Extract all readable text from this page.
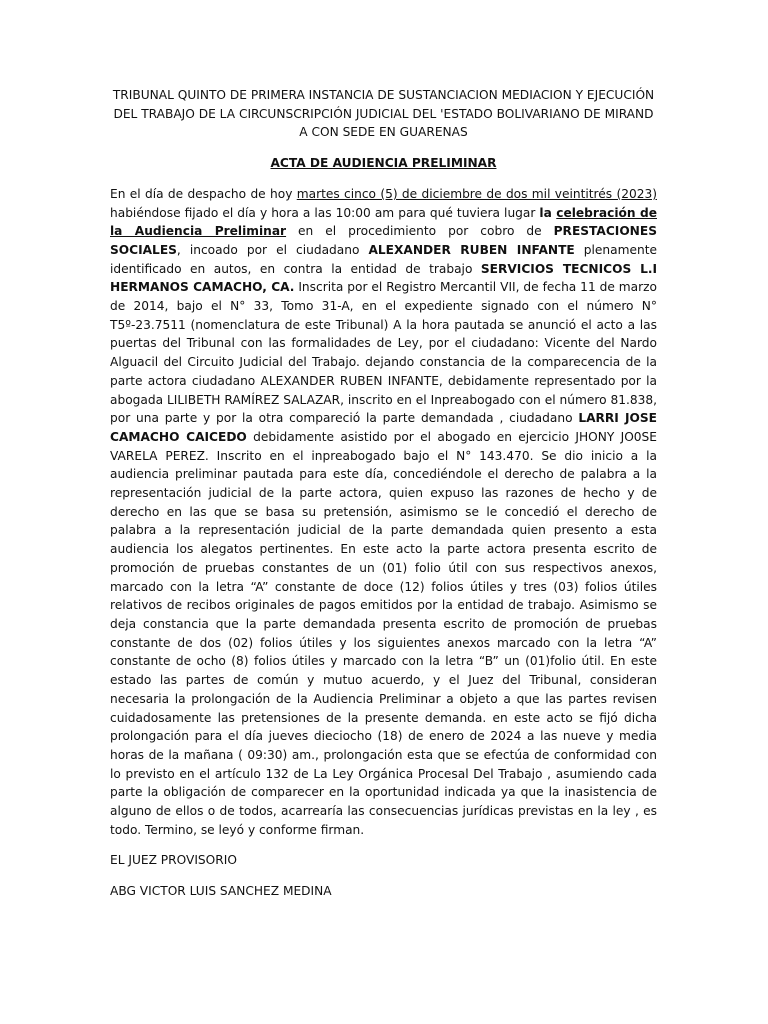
TRIBUNAL QUINTO DE PRIMERA INSTANCIA DE SUSTANCIACION MEDIACION Y EJECUCIÓN DEL TRABAJO DE LA CIRCUNSCRIPCIÓN JUDICIAL DEL 'ESTADO BOLIVARIANO DE MIRAND A CON SEDE EN GUARENAS

ACTA DE AUDIENCIA PRELIMINAR

En el día de despacho de hoy martes cinco (5) de diciembre de dos mil veintitrés (2023) habiéndose fijado el día y hora a las 10:00 am para qué tuviera lugar la celebración de la Audiencia Preliminar en el procedimiento por cobro de PRESTACIONES SOCIALES, incoado por el ciudadano ALEXANDER RUBEN INFANTE plenamente identificado en autos, en contra la entidad de trabajo SERVICIOS TECNICOS L.I HERMANOS CAMACHO, CA. Inscrita por el Registro Mercantil VII, de fecha 11 de marzo de 2014, bajo el N° 33, Tomo 31-A, en el expediente signado con el número N° T5º-23.7511 (nomenclatura de este Tribunal) A la hora pautada se anunció el acto a las puertas del Tribunal con las formalidades de Ley, por el ciudadano: Vicente del Nardo Alguacil del Circuito Judicial del Trabajo. dejando constancia de la comparecencia de la parte actora ciudadano ALEXANDER RUBEN INFANTE, debidamente representado por la abogada LILIBETH RAMÍREZ SALAZAR, inscrito en el Inpreabogado con el número 81.838, por una parte y por la otra compareció la parte demandada , ciudadano LARRI JOSE CAMACHO CAICEDO debidamente asistido por el abogado en ejercicio JHONY JO0SE VARELA PEREZ. Inscrito en el inpreabogado bajo el N° 143.470. Se dio inicio a la audiencia preliminar pautada para este día, concediéndole el derecho de palabra a la representación judicial de la parte actora, quien expuso las razones de hecho y de derecho en las que se basa su pretensión, asimismo se le concedió el derecho de palabra a la representación judicial de la parte demandada quien presento a esta audiencia los alegatos pertinentes. En este acto la parte actora presenta escrito de promoción de pruebas constantes de un (01) folio útil con sus respectivos anexos, marcado con la letra “A” constante de doce (12) folios útiles y tres (03) folios útiles relativos de recibos originales de pagos emitidos por la entidad de trabajo. Asimismo se deja constancia que la parte demandada presenta escrito de promoción de pruebas constante de dos (02) folios útiles y los siguientes anexos marcado con la letra “A” constante de ocho (8) folios útiles y marcado con la letra “B” un (01)folio útil. En este estado las partes de común y mutuo acuerdo, y el Juez del Tribunal, consideran necesaria la prolongación de la Audiencia Preliminar a objeto a que las partes revisen cuidadosamente las pretensiones de la presente demanda. en este acto se fijó dicha prolongación para el día jueves dieciocho (18) de enero de 2024 a las nueve y media horas de la mañana ( 09:30) am., prolongación esta que se efectúa de conformidad con lo previsto en el artículo 132 de La Ley Orgánica Procesal Del Trabajo , asumiendo cada parte la obligación de comparecer en la oportunidad indicada ya que la inasistencia de alguno de ellos o de todos, acarrearía las consecuencias jurídicas previstas en la ley , es todo. Termino, se leyó y conforme firman.

EL JUEZ PROVISORIO

ABG VICTOR LUIS SANCHEZ MEDINA
